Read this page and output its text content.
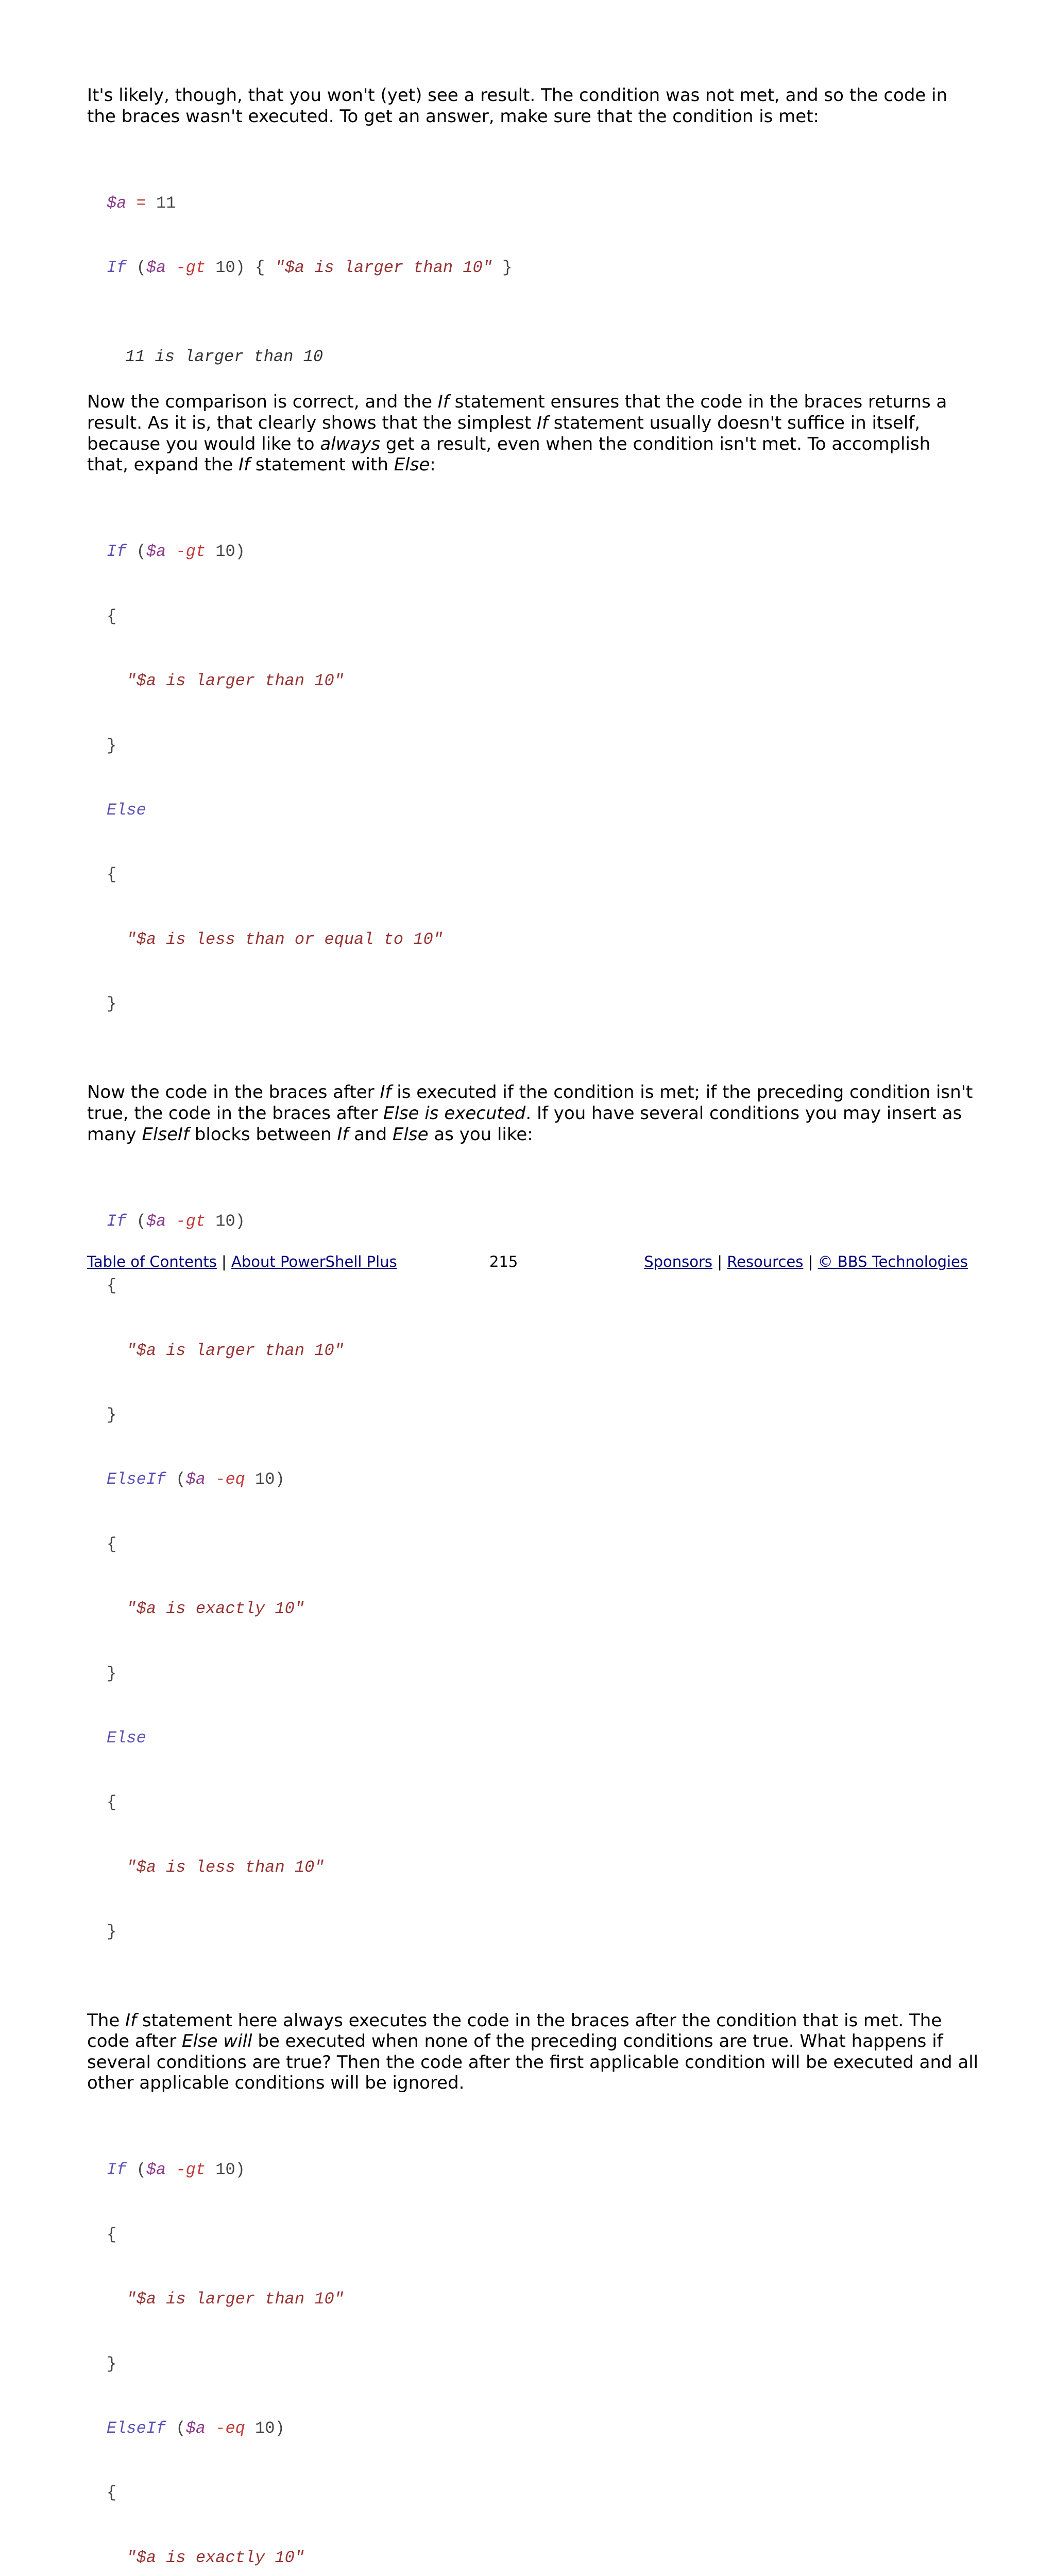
It's likely, though, that you won't (yet) see a result. The condition was not met, and so the code in
the braces wasn't executed. To get an answer, make sure that the condition is met:

$a = 11

If ($a -gt 10) { "$a is larger than 10" }

11 is larger than 10

Now the comparison is correct, and the If statement ensures that the code in the braces returns a
result. As it is, that clearly shows that the simplest If statement usually doesn't suffice in itself,
because you would like to always get a result, even when the condition isn't met. To accomplish
that, expand the If statement with Else:

If ($a -gt 10)

{

"$a is larger than 10"

}

Else

{

"$a is less than or equal to 10"

}

Now the code in the braces after If is executed if the condition is met; if the preceding condition isn't
true, the code in the braces after Else is executed. If you have several conditions you may insert as
many ElseIf blocks between If and Else as you like:

If ($a -gt 10)

{

"$a is larger than 10"

}

ElseIf ($a -eq 10)

{

"$a is exactly 10"

}

Else

{

"$a is less than 10"

}

The If statement here always executes the code in the braces after the condition that is met. The
code after Else will be executed when none of the preceding conditions are true. What happens if
several conditions are true? Then the code after the first applicable condition will be executed and all
other applicable conditions will be ignored.

If ($a -gt 10)

{

"$a is larger than 10"

}

ElseIf ($a -eq 10)

{

"$a is exactly 10"

Table of Contents | About PowerShell Plus	215	Sponsors | Resources | © BBS Technologies
